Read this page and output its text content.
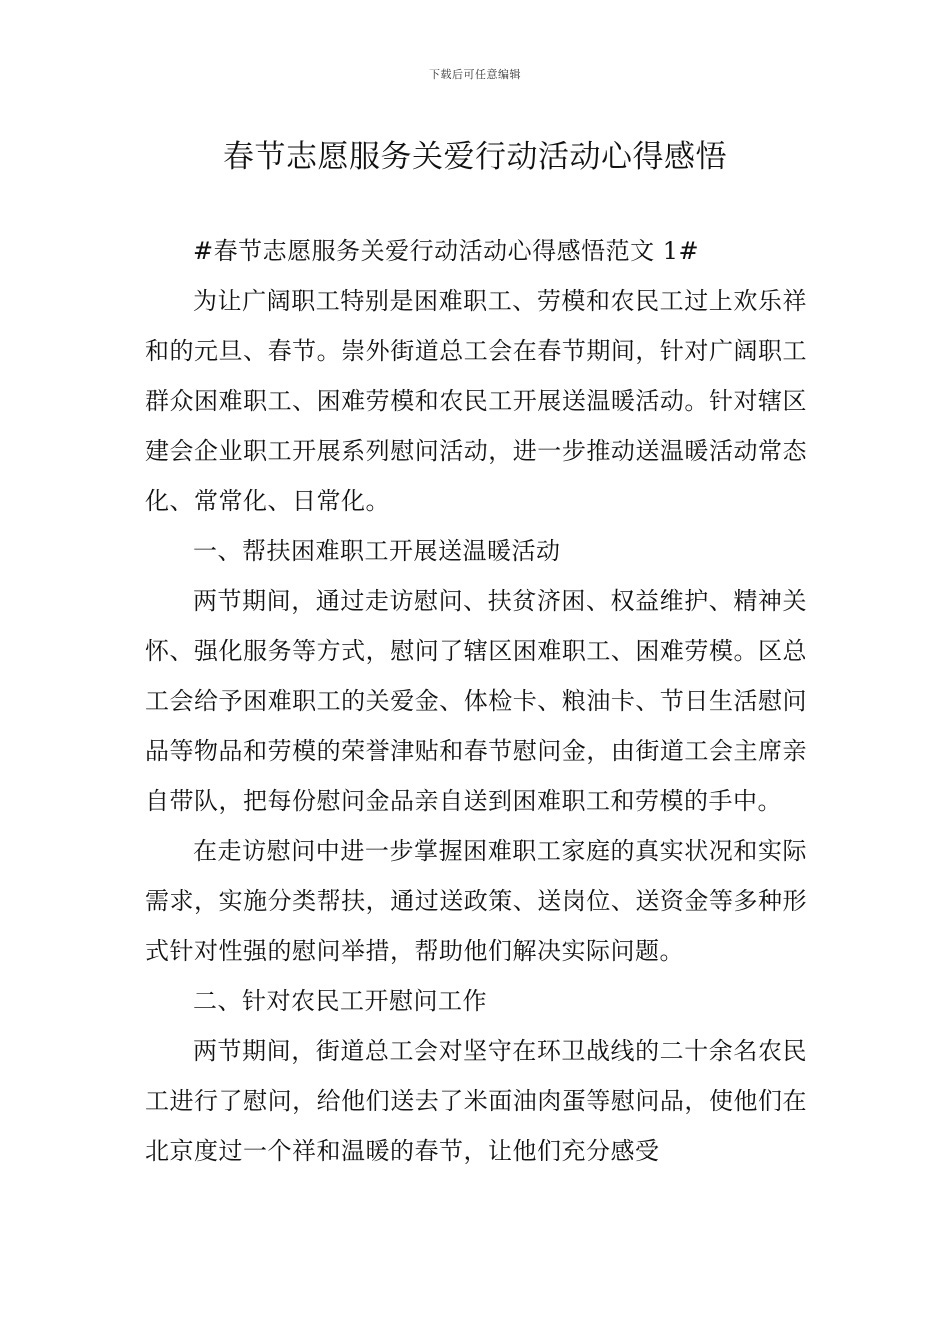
下载后可任意编辑
春节志愿服务关爱行动活动心得感悟

#春节志愿服务关爱行动活动心得感悟范文 1#

为让广阔职工特别是困难职工、劳模和农民工过上欢乐祥和的元旦、春节。崇外街道总工会在春节期间，针对广阔职工群众困难职工、困难劳模和农民工开展送温暖活动。针对辖区建会企业职工开展系列慰问活动，进一步推动送温暖活动常态化、常常化、日常化。

一、帮扶困难职工开展送温暖活动

两节期间，通过走访慰问、扶贫济困、权益维护、精神关怀、强化服务等方式，慰问了辖区困难职工、困难劳模。区总工会给予困难职工的关爱金、体检卡、粮油卡、节日生活慰问品等物品和劳模的荣誉津贴和春节慰问金，由街道工会主席亲自带队，把每份慰问金品亲自送到困难职工和劳模的手中。

在走访慰问中进一步掌握困难职工家庭的真实状况和实际需求，实施分类帮扶，通过送政策、送岗位、送资金等多种形式针对性强的慰问举措，帮助他们解决实际问题。

二、针对农民工开慰问工作

两节期间，街道总工会对坚守在环卫战线的二十余名农民工进行了慰问，给他们送去了米面油肉蛋等慰问品，使他们在北京度过一个祥和温暖的春节，让他们充分感受
